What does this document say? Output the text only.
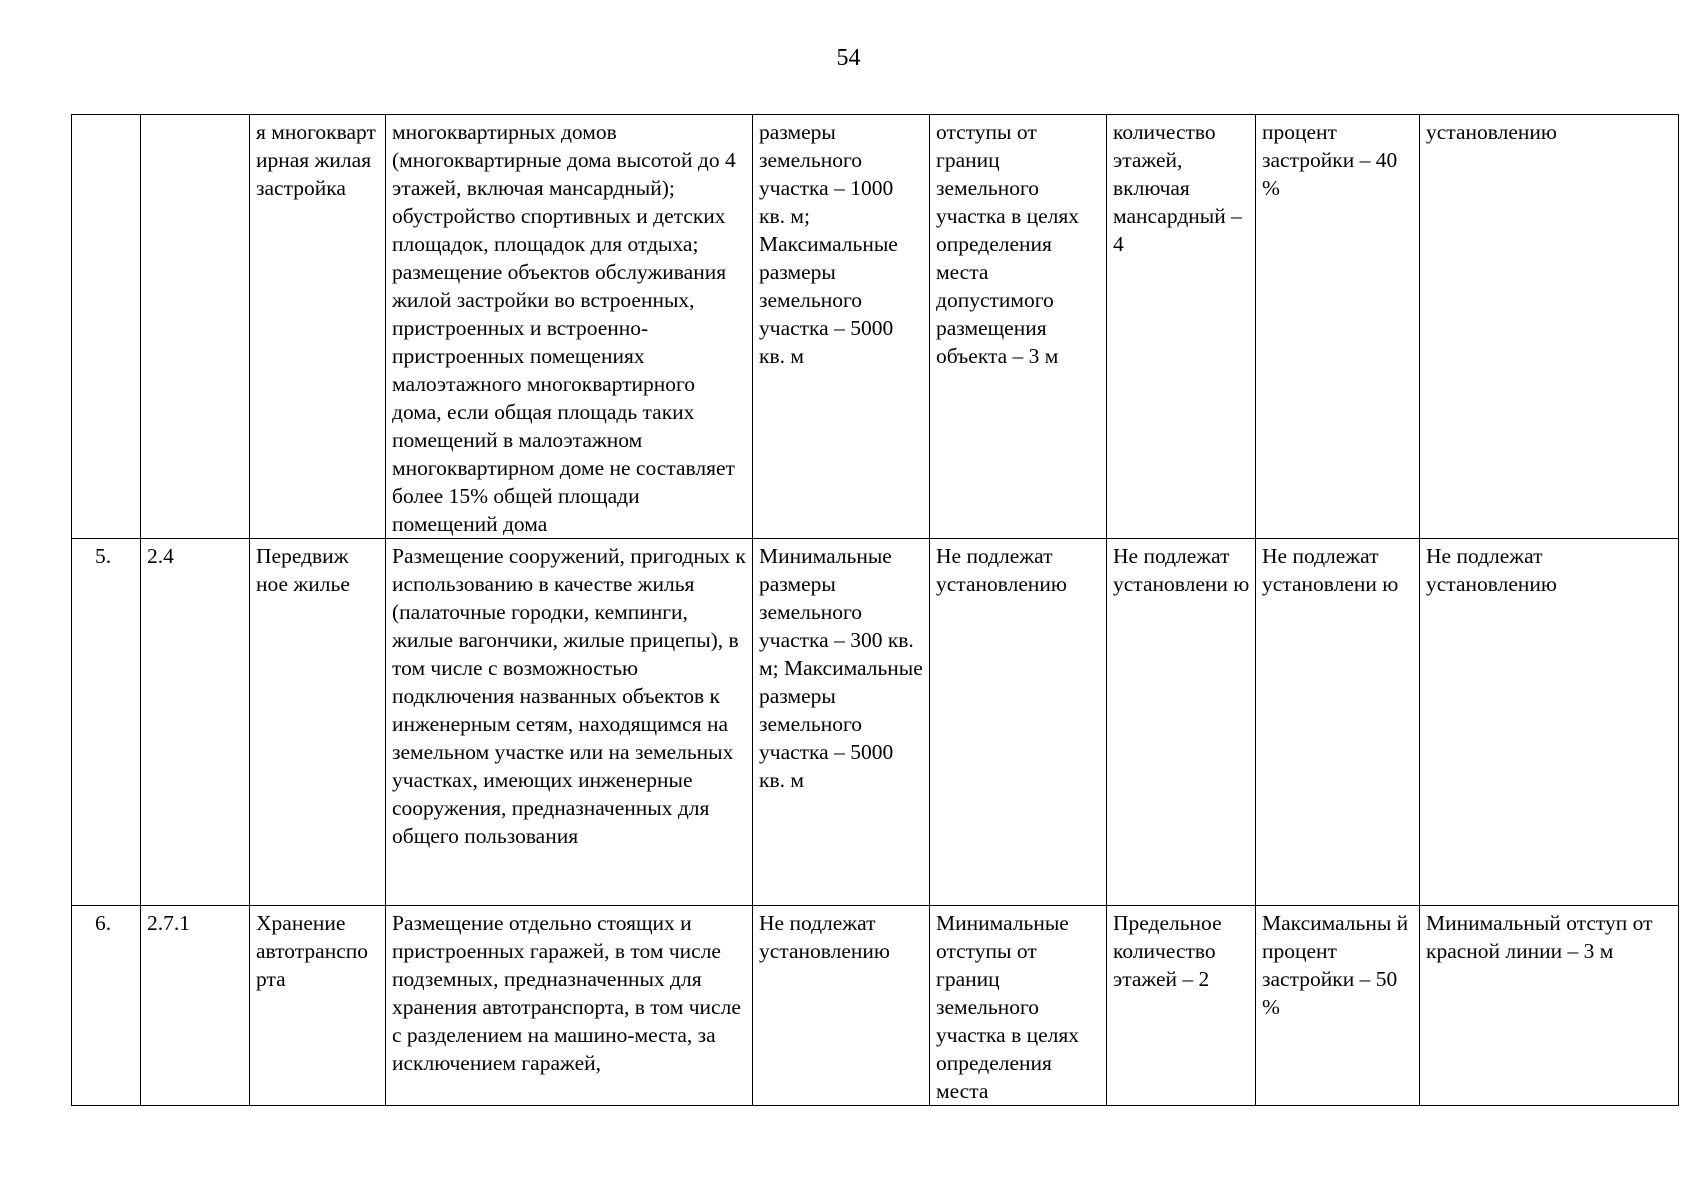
54

		я многокварт ирная жилая застройка	многоквартирных домов (многоквартирные дома высотой до 4 этажей, включая мансардный); обустройство спортивных и детских площадок, площадок для отдыха; размещение объектов обслуживания жилой застройки во встроенных, пристроенных и встроенно-пристроенных помещениях малоэтажного многоквартирного дома, если общая площадь таких помещений в малоэтажном многоквартирном доме не составляет более 15% общей площади помещений дома	размеры земельного участка – 1000 кв. м; Максимальные размеры земельного участка – 5000 кв. м	отступы от границ земельного участка в целях определения места допустимого размещения объекта – 3 м	количество этажей, включая мансардный – 4	процент застройки – 40 %	установлению

5.	2.4	Передвиж ное жилье	Размещение сооружений, пригодных к использованию в качестве жилья (палаточные городки, кемпинги, жилые вагончики, жилые прицепы), в том числе с возможностью подключения названных объектов к инженерным сетям, находящимся на земельном участке или на земельных участках, имеющих инженерные сооружения, предназначенных для общего пользования	Минимальные размеры земельного участка – 300 кв. м; Максимальные размеры земельного участка – 5000 кв. м	Не подлежат установлению	Не подлежат установлени ю	Не подлежат установлени ю	Не подлежат установлению

6.	2.7.1	Хранение автотранспо рта	Размещение отдельно стоящих и пристроенных гаражей, в том числе подземных, предназначенных для хранения автотранспорта, в том числе с разделением на машино-места, за исключением гаражей,	Не подлежат установлению	Минимальные отступы от границ земельного участка в целях определения места	Предельное количество этажей – 2	Максимальны й процент застройки – 50 %	Минимальный отступ от красной линии – 3 м
